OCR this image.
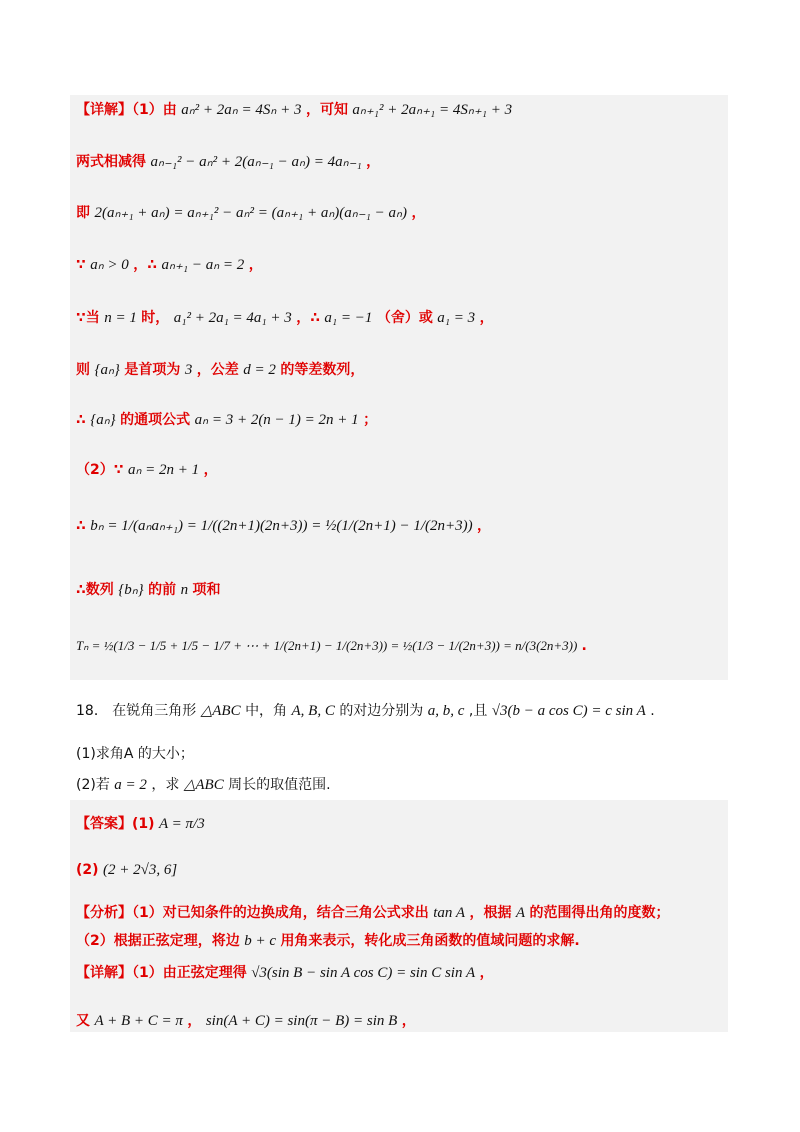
【详解】（1）由 aₙ² + 2aₙ = 4Sₙ + 3 ，可知 aₙ₊₁² + 2aₙ₊₁ = 4Sₙ₊₁ + 3
两式相减得 aₙ₋₁² − aₙ² + 2(aₙ₋₁ − aₙ) = 4aₙ₋₁ ，
即 2(aₙ₊₁ + aₙ) = aₙ₊₁² − aₙ² = (aₙ₊₁ + aₙ)(aₙ₋₁ − aₙ) ，
∵ aₙ > 0 ，∴ aₙ₊₁ − aₙ = 2 ，
∵当 n = 1 时， a₁² + 2a₁ = 4a₁ + 3 ，∴ a₁ = −1 （舍）或 a₁ = 3 ，
则 {aₙ} 是首项为 3 ，公差 d = 2 的等差数列，
∴ {aₙ} 的通项公式 aₙ = 3 + 2(n − 1) = 2n + 1 ；
（2）∵ aₙ = 2n + 1 ，
∴ bₙ = 1/(aₙaₙ₊₁) = 1/((2n+1)(2n+3)) = ½(1/(2n+1) − 1/(2n+3)) ，
∴数列 {bₙ} 的前 n 项和
Tₙ = ½(1/3 − 1/5 + 1/5 − 1/7 + ⋯ + 1/(2n+1) − 1/(2n+3)) = ½(1/3 − 1/(2n+3)) = n/(3(2n+3)) .
18． 在锐角三角形 △ABC 中，角 A, B, C 的对边分别为 a, b, c ,且 √3(b − a cos C) = c sin A .
(1)求角A 的大小；
(2)若 a = 2 ，求 △ABC 周长的取值范围.
【答案】(1) A = π/3
(2) (2 + 2√3, 6]
【分析】（1）对已知条件的边换成角，结合三角公式求出 tan A ，根据 A 的范围得出角的度数；
（2）根据正弦定理，将边 b + c 用角来表示，转化成三角函数的值域问题的求解.
【详解】（1）由正弦定理得 √3(sin B − sin A cos C) = sin C sin A ，
又 A + B + C = π ， sin(A + C) = sin(π − B) = sin B ，
